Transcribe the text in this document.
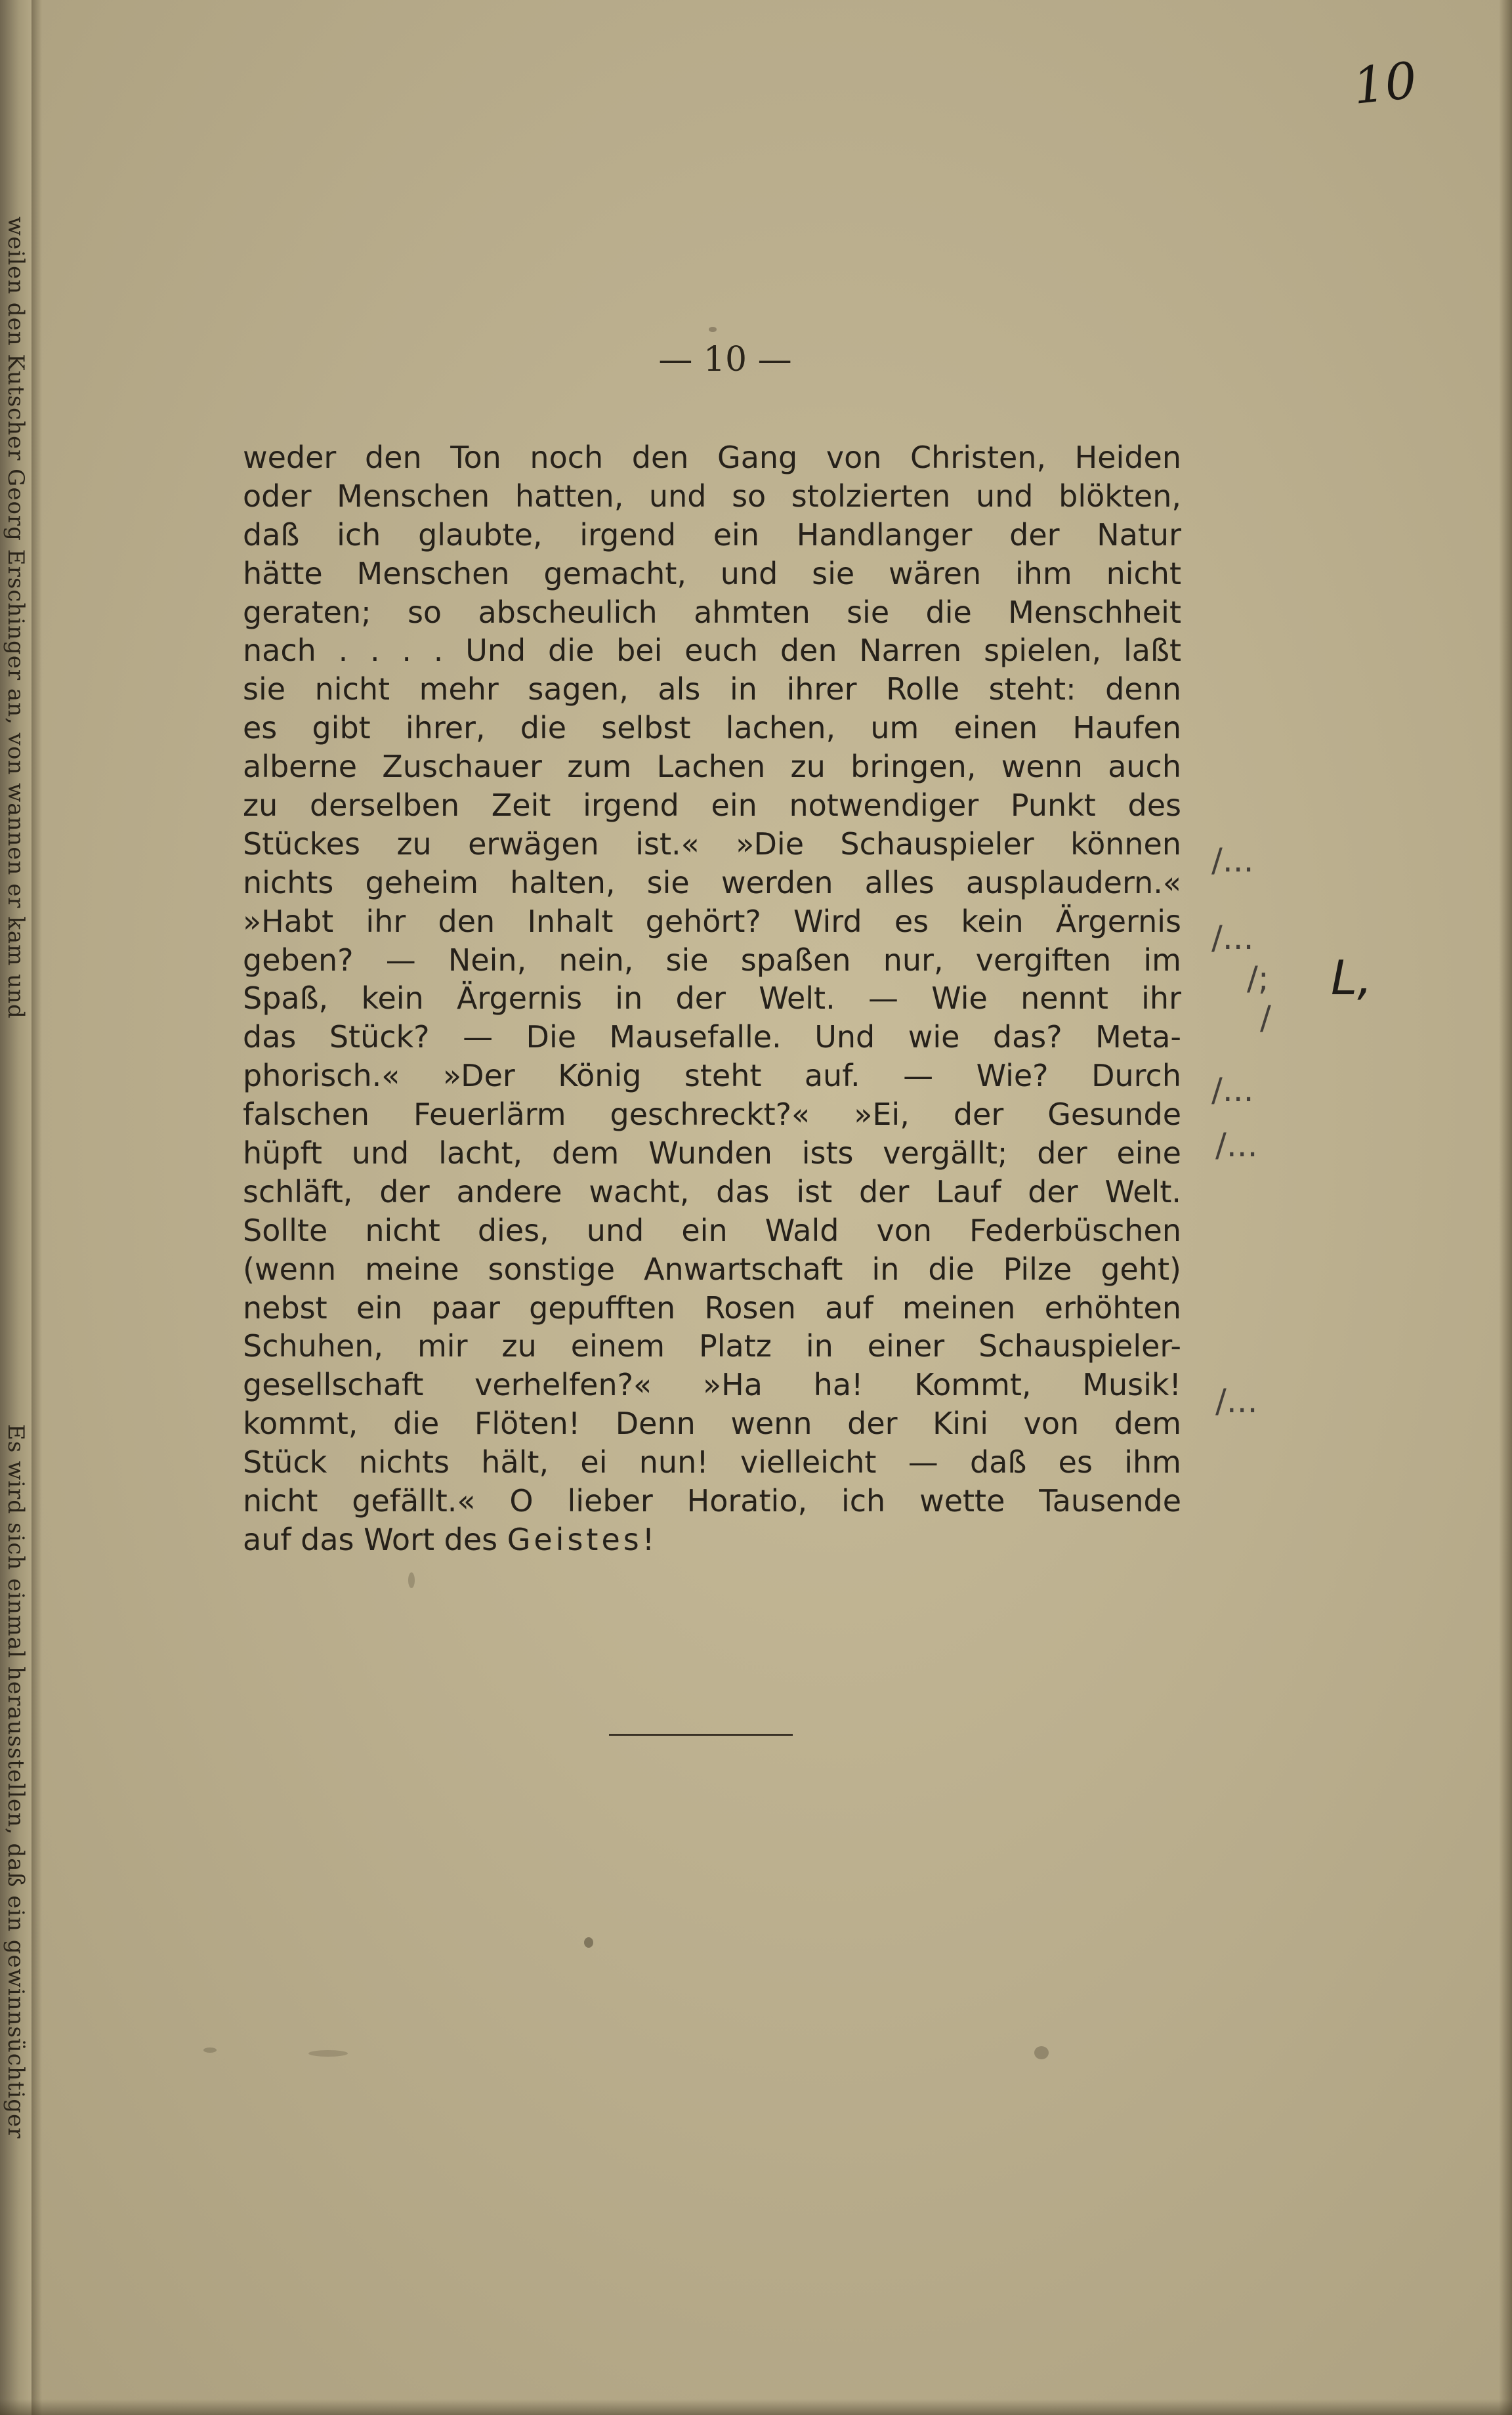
weilen den Kutscher Georg Erschinger an, von wannen er kam und
Es wird sich einmal herausstellen, daß ein gewinnsüchtiger
10
— 10 —
weder den Ton noch den Gang von Christen, Heiden
oder Menschen hatten, und so stolzierten und blökten,
daß ich glaubte, irgend ein Handlanger der Natur
hätte Menschen gemacht, und sie wären ihm nicht
geraten; so abscheulich ahmten sie die Menschheit
nach . . . . Und die bei euch den Narren spielen, laßt
sie nicht mehr sagen, als in ihrer Rolle steht: denn
es gibt ihrer, die selbst lachen, um einen Haufen
alberne Zuschauer zum Lachen zu bringen, wenn auch
zu derselben Zeit irgend ein notwendiger Punkt des
Stückes zu erwägen ist.« »Die Schauspieler können
nichts geheim halten, sie werden alles ausplaudern.«
»Habt ihr den Inhalt gehört? Wird es kein Ärgernis
geben? — Nein, nein, sie spaßen nur, vergiften im
Spaß, kein Ärgernis in der Welt. — Wie nennt ihr
das Stück? — Die Mausefalle. Und wie das? Meta-
phorisch.« »Der König steht auf. — Wie? Durch
falschen Feuerlärm geschreckt?« »Ei, der Gesunde
hüpft und lacht, dem Wunden ists vergällt; der eine
schläft, der andere wacht, das ist der Lauf der Welt.
Sollte nicht dies, und ein Wald von Federbüschen
(wenn meine sonstige Anwartschaft in die Pilze geht)
nebst ein paar gepufften Rosen auf meinen erhöhten
Schuhen, mir zu einem Platz in einer Schauspieler-
gesellschaft verhelfen?« »Ha ha! Kommt, Musik!
kommt, die Flöten! Denn wenn der Kini von dem
Stück nichts hält, ei nun! vielleicht — daß es ihm
nicht gefällt.« O lieber Horatio, ich wette Tausende
auf das Wort des Geistes!
/...
/...
/; L,
/
/...
/...
/...
